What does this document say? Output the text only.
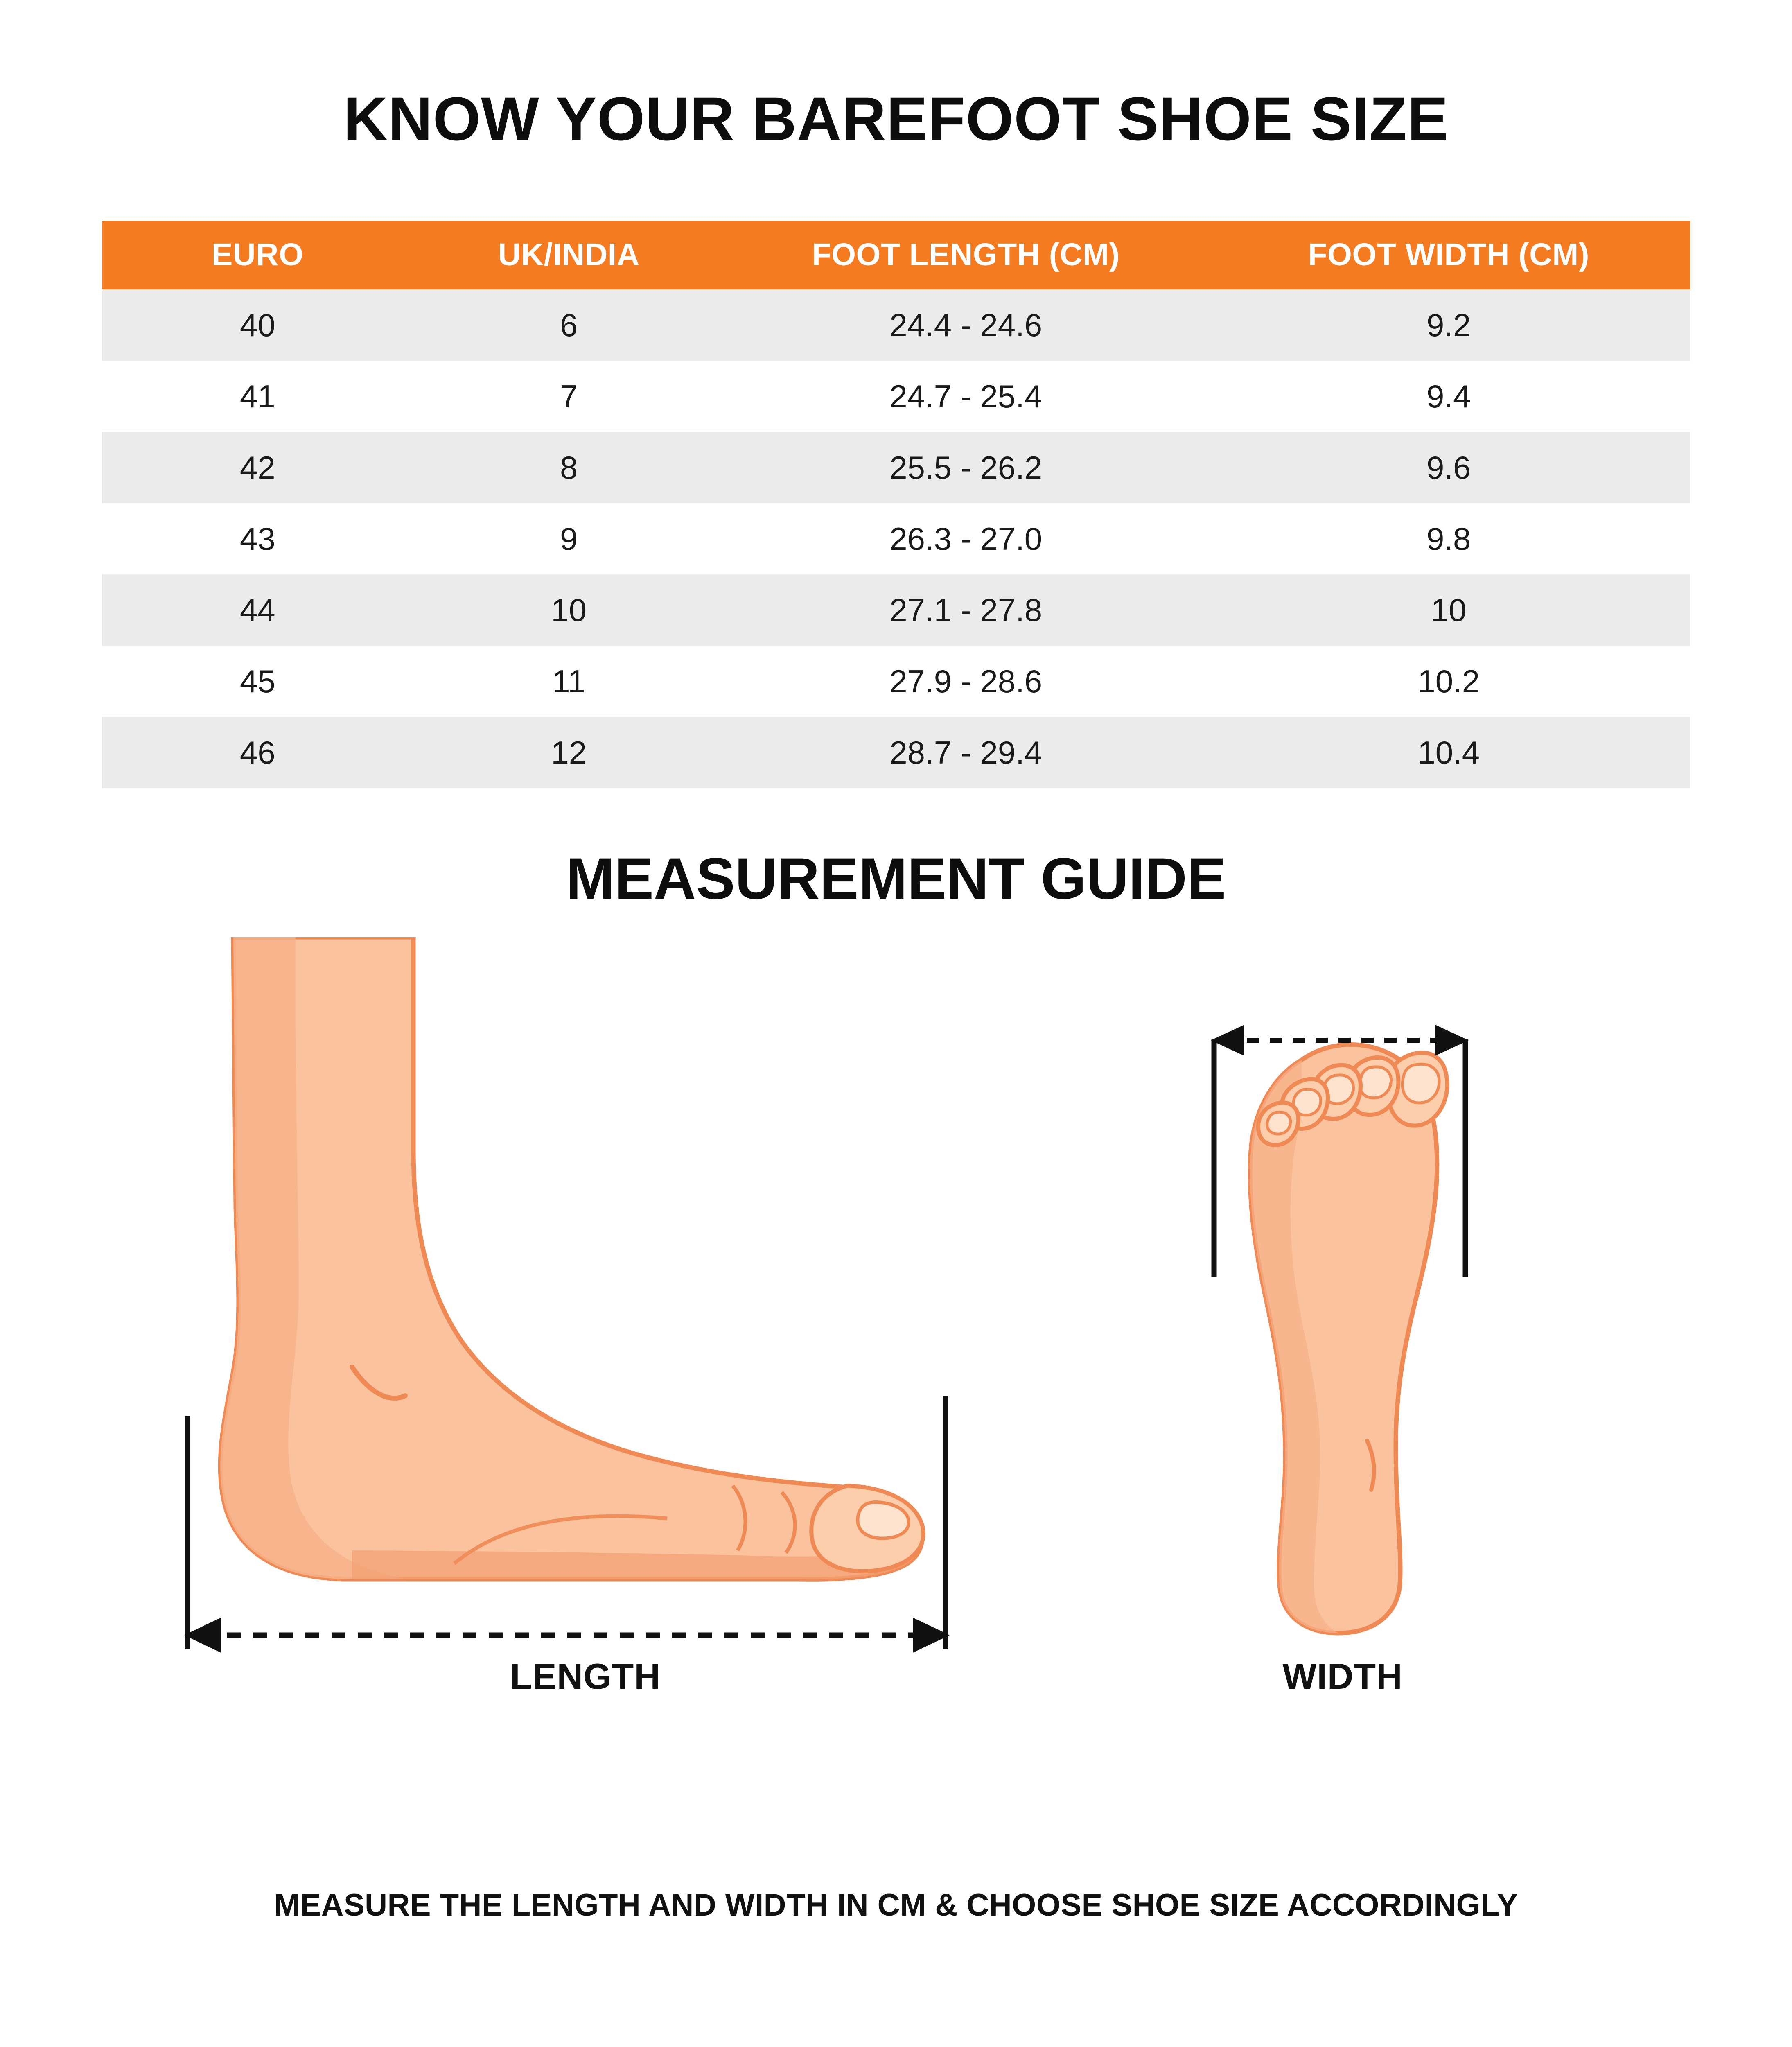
KNOW YOUR BAREFOOT SHOE SIZE
EURO	UK/INDIA	FOOT LENGTH (CM)	FOOT WIDTH (CM)
40	6	24.4 - 24.6	9.2
41	7	24.7 - 25.4	9.4
42	8	25.5 - 26.2	9.6
43	9	26.3 - 27.0	9.8
44	10	27.1 - 27.8	10
45	11	27.9 - 28.6	10.2
46	12	28.7 - 29.4	10.4
MEASUREMENT GUIDE
LENGTH	WIDTH
MEASURE THE LENGTH AND WIDTH IN CM & CHOOSE SHOE SIZE ACCORDINGLY
